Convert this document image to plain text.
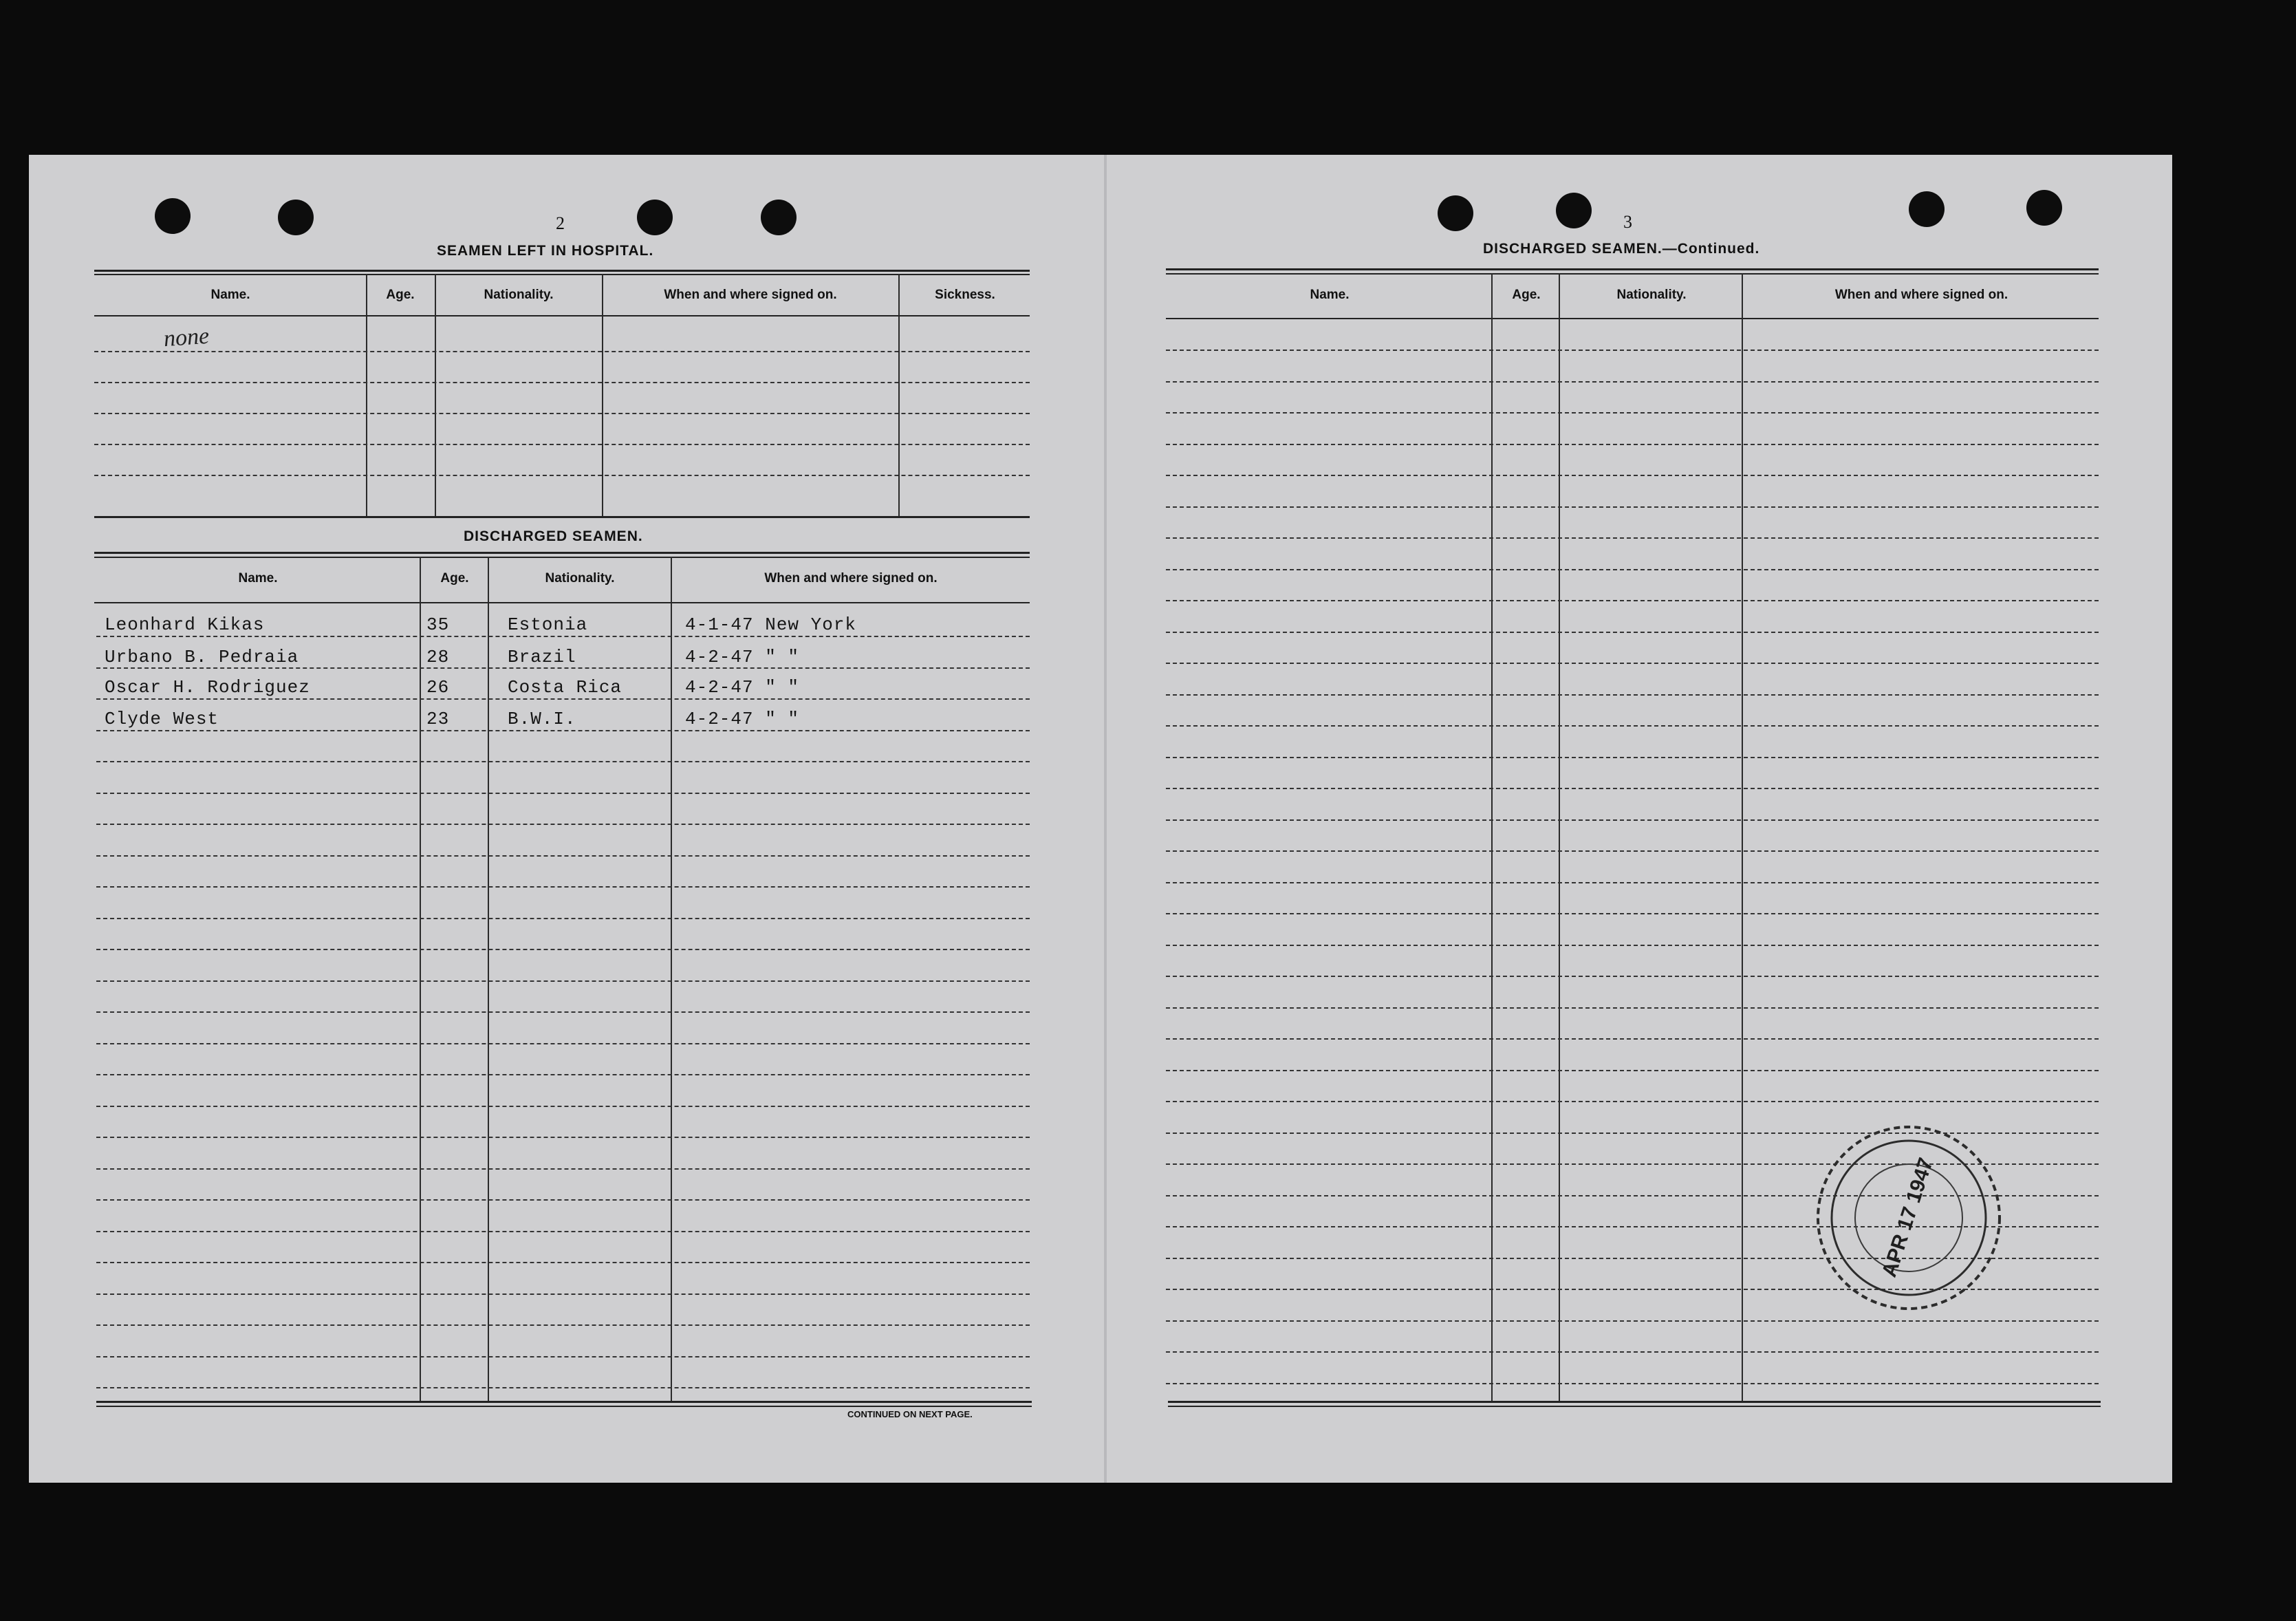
2
SEAMEN LEFT IN HOSPITAL.
Name.	Age.	Nationality.	When and where signed on.	Sickness.
none
DISCHARGED SEAMEN.
Name.	Age.	Nationality.	When and where signed on.
Leonhard Kikas	35	Estonia	4-1-47 New York
Urbano B. Pedraia	28	Brazil	4-2-47 " "
Oscar H. Rodriguez	26	Costa Rica	4-2-47 " "
Clyde West	23	B.W.I.	4-2-47 " "
CONTINUED ON NEXT PAGE.
3
DISCHARGED SEAMEN.—Continued.
Name.	Age.	Nationality.	When and where signed on.
APR 17 1947
